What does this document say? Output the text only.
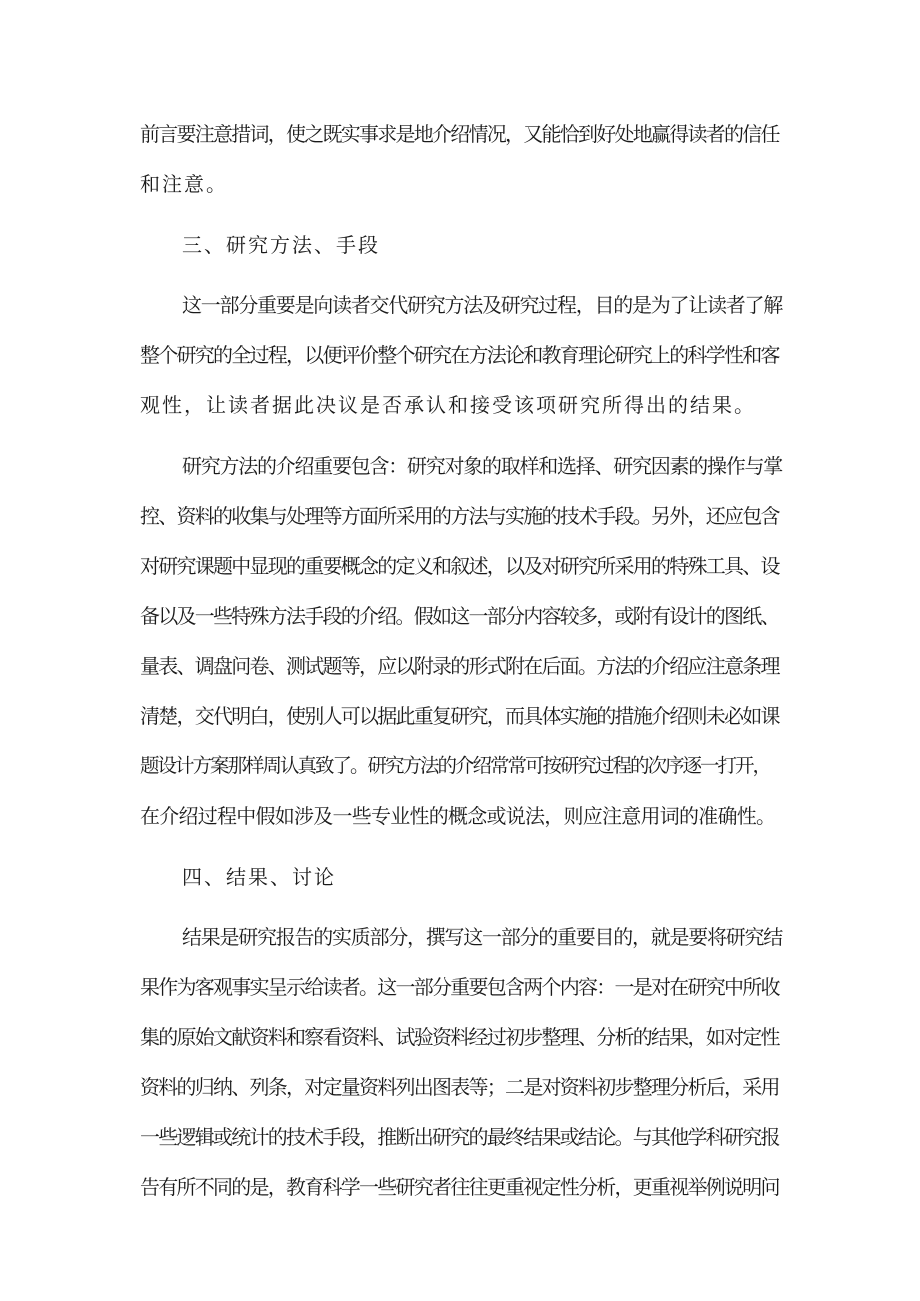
前言要注意措词，使之既实事求是地介绍情况，又能恰到好处地赢得读者的信任

和注意。

三、研究方法、手段

这一部分重要是向读者交代研究方法及研究过程，目的是为了让读者了解

整个研究的全过程，以便评价整个研究在方法论和教育理论研究上的科学性和客

观性，让读者据此决议是否承认和接受该项研究所得出的结果。

研究方法的介绍重要包含：研究对象的取样和选择、研究因素的操作与掌

控、资料的收集与处理等方面所采用的方法与实施的技术手段。另外，还应包含

对研究课题中显现的重要概念的定义和叙述，以及对研究所采用的特殊工具、设

备以及一些特殊方法手段的介绍。假如这一部分内容较多，或附有设计的图纸、

量表、调盘问卷、测试题等，应以附录的形式附在后面。方法的介绍应注意条理

清楚，交代明白，使别人可以据此重复研究，而具体实施的措施介绍则未必如课

题设计方案那样周认真致了。研究方法的介绍常常可按研究过程的次序逐一打开，

在介绍过程中假如涉及一些专业性的概念或说法，则应注意用词的准确性。

四、结果、讨论

结果是研究报告的实质部分，撰写这一部分的重要目的，就是要将研究结

果作为客观事实呈示给读者。这一部分重要包含两个内容：一是对在研究中所收

集的原始文献资料和察看资料、试验资料经过初步整理、分析的结果，如对定性

资料的归纳、列条，对定量资料列出图表等；二是对资料初步整理分析后，采用

一些逻辑或统计的技术手段，推断出研究的最终结果或结论。与其他学科研究报

告有所不同的是，教育科学一些研究者往往更重视定性分析，更重视举例说明问
